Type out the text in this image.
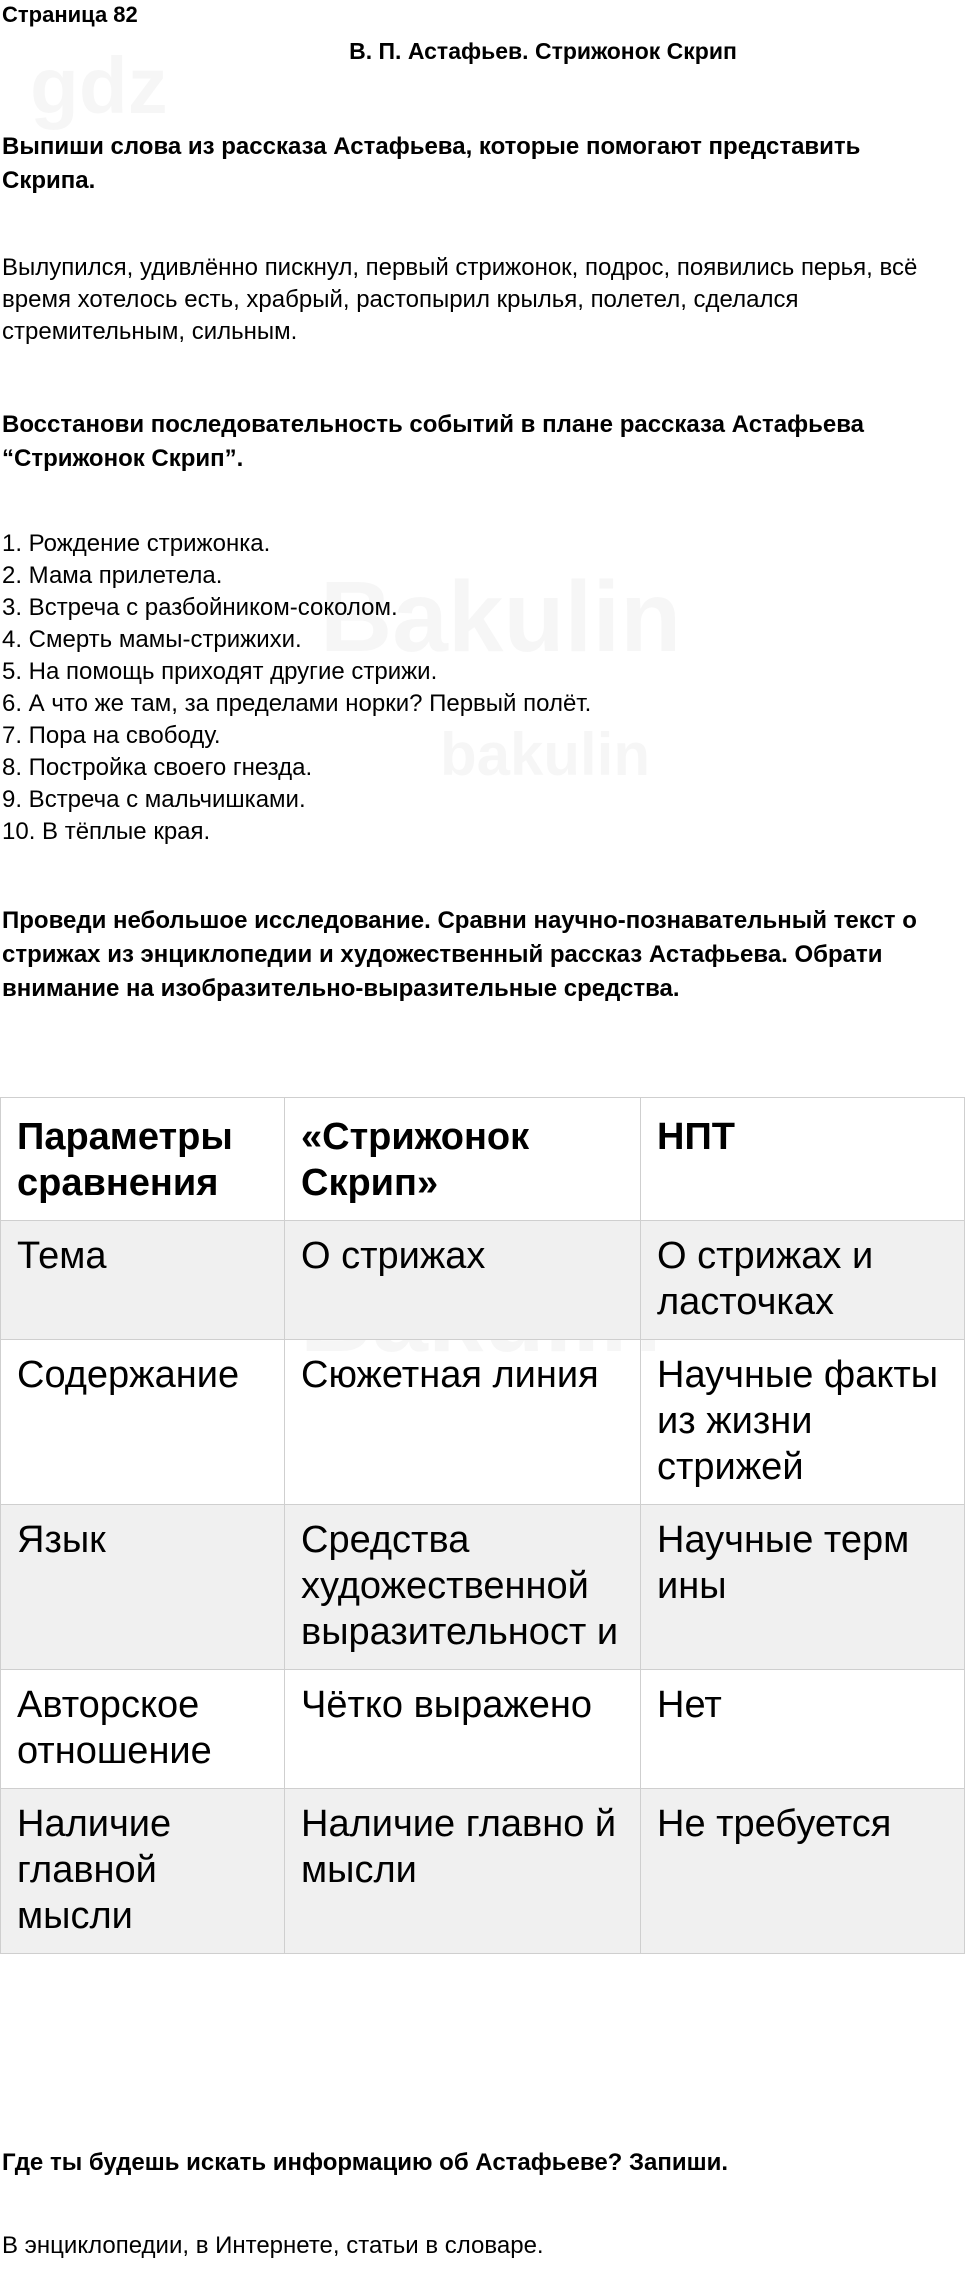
Страница 82
В. П. Астафьев. Стрижонок Скрип
Выпиши слова из рассказа Астафьева, которые помогают представить Скрипа.
Вылупился, удивлённо пискнул, первый стрижонок, подрос, появились перья, всё время хотелось есть, храбрый, растопырил крылья, полетел, сделался стремительным, сильным.
Восстанови последовательность событий в плане рассказа Астафьева “Стрижонок Скрип”.
1. Рождение стрижонка.
2. Мама прилетела.
3. Встреча с разбойником-соколом.
4. Смерть мамы-стрижихи.
5. На помощь приходят другие стрижи.
6. А что же там, за пределами норки? Первый полёт.
7. Пора на свободу.
8. Постройка своего гнезда.
9. Встреча с мальчишками.
10. В тёплые края.
Проведи небольшое исследование. Сравни научно-познавательный текст о стрижах из энциклопедии и художественный рассказ Астафьева. Обрати внимание на изобразительно-выразительные средства.
Параметры сравнения	«Стрижонок Скрип»	НПТ
Тема	О стрижах	О стрижах и ласточках
Содержание	Сюжетная линия	Научные факты из жизни стрижей
Язык	Средства художественной выразительност и	Научные терм ины
Авторское отношение	Чётко выражено	Нет
Наличие главной мысли	Наличие главно й мысли	Не требуется
Где ты будешь искать информацию об Астафьеве? Запиши.
В энциклопедии, в Интернете, статьи в словаре.
